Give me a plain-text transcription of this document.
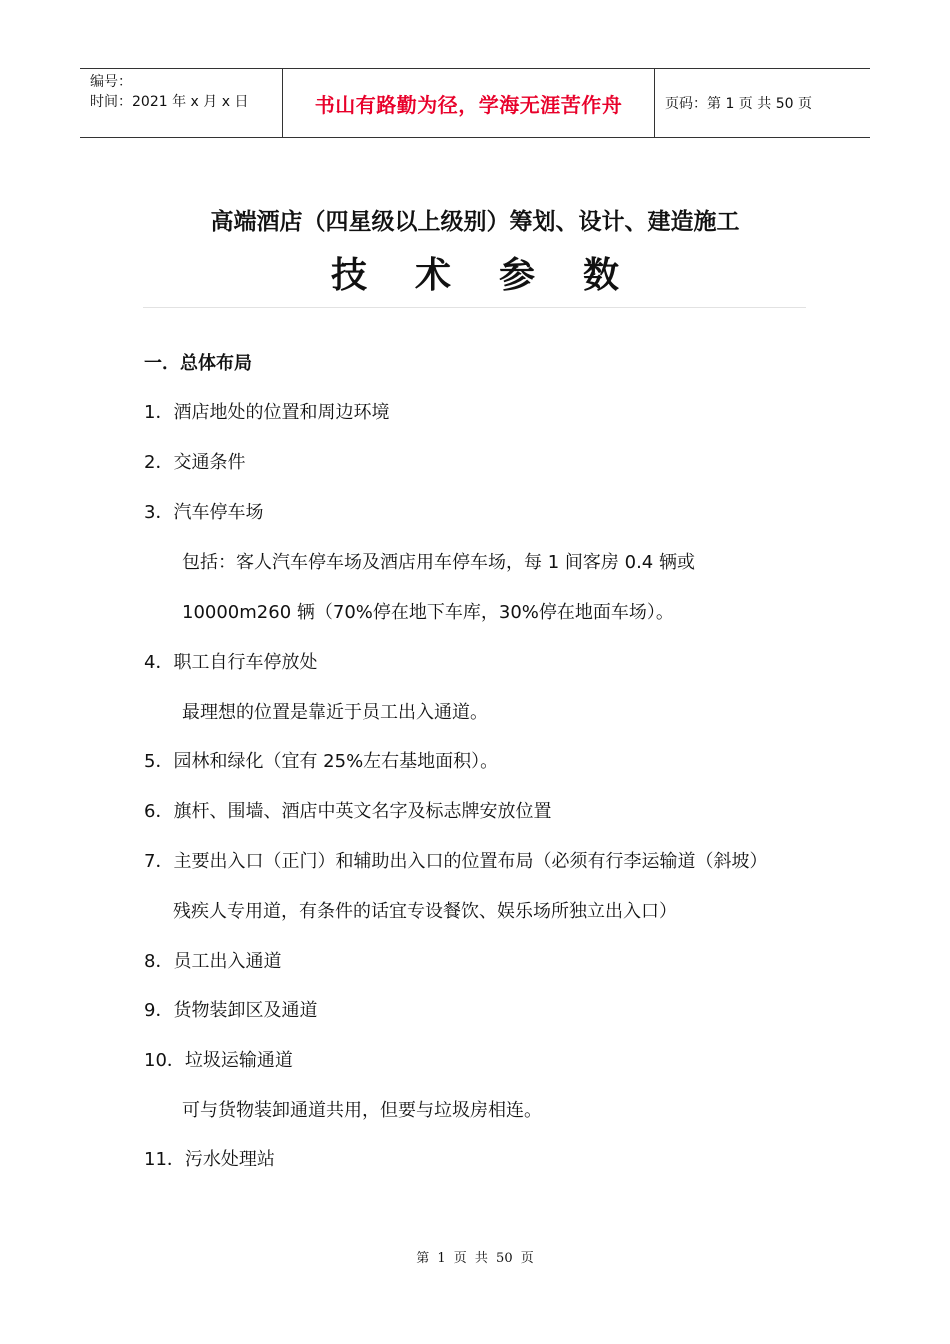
编号：
时间：2021 年 x 月 x 日	书山有路勤为径，学海无涯苦作舟	页码：第 1 页 共 50 页
高端酒店（四星级以上级别）筹划、设计、建造施工
技术参数
一．总体布局
1．酒店地处的位置和周边环境
2．交通条件
3．汽车停车场
包括：客人汽车停车场及酒店用车停车场，每 1 间客房 0.4 辆或
10000m260 辆（70%停在地下车库，30%停在地面车场）。
4．职工自行车停放处
最理想的位置是靠近于员工出入通道。
5．园林和绿化（宜有 25%左右基地面积）。
6．旗杆、围墙、酒店中英文名字及标志牌安放位置
7．主要出入口（正门）和辅助出入口的位置布局（必须有行李运输道（斜坡）
残疾人专用道，有条件的话宜专设餐饮、娱乐场所独立出入口）
8．员工出入通道
9．货物装卸区及通道
10．垃圾运输通道
可与货物装卸通道共用，但要与垃圾房相连。
11．污水处理站
第 1 页 共 50 页
